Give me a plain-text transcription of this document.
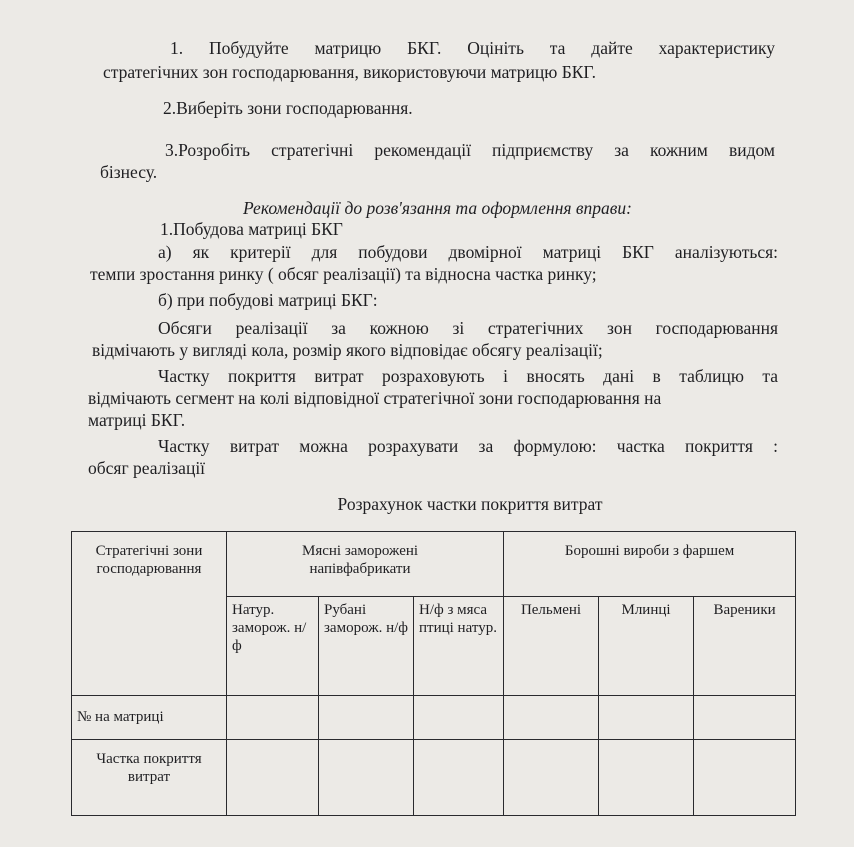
1. Побудуйте матрицю БКГ. Оцініть та дайте характеристику

стратегічних зон господарювання, використовуючи матрицю БКГ.

2.Виберіть зони господарювання.

3.Розробіть стратегічні рекомендації підприємству за кожним видом

бізнесу.

Рекомендації до розв'язання та оформлення вправи:

1.Побудова матриці БКГ

а) як критерії для побудови двомірної матриці БКГ аналізуються:

темпи зростання ринку ( обсяг реалізації) та відносна частка ринку;

б) при побудові матриці БКГ:

Обсяги реалізації за кожною зі стратегічних зон господарювання

відмічають у вигляді кола, розмір якого відповідає обсягу реалізації;

Частку покриття витрат розраховують і вносять дані в таблицю та

відмічають сегмент на колі відповідної стратегічної зони господарювання на

матриці БКГ.

Частку витрат можна розрахувати за формулою: частка покриття :

обсяг реалізації

Розрахунок частки покриття витрат

Стратегічні зони господарювання	Мясні заморожені напівфабрикати			Борошні вироби з фаршем		
	Натур. заморож. н/ф	Рубані заморож. н/ф	Н/ф з мяса птиці натур.	Пельмені	Млинці	Вареники
№ на матриці						
Частка покриття витрат						
